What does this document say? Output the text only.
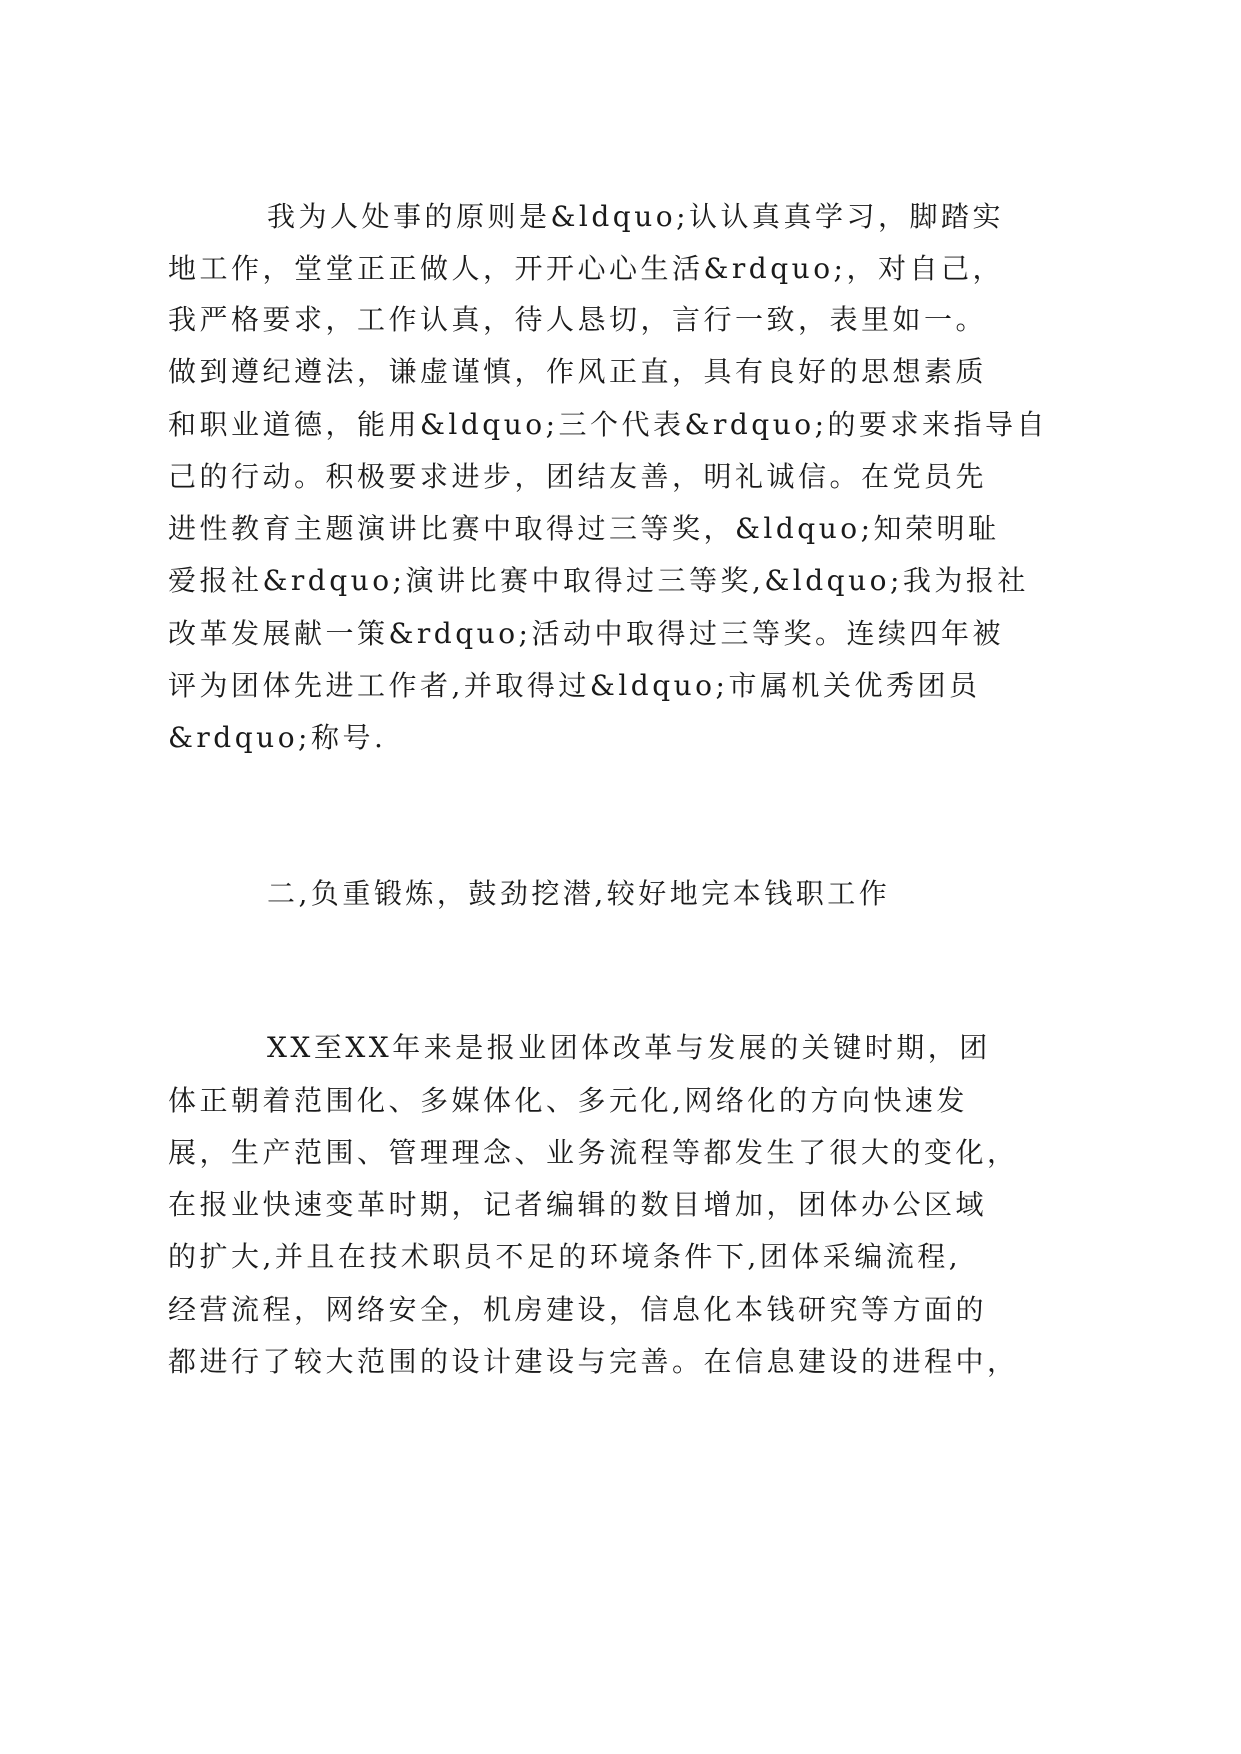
我为人处事的原则是&ldquo;认认真真学习，脚踏实
地工作，堂堂正正做人，开开心心生活&rdquo;，对自己，
我严格要求，工作认真，待人恳切，言行一致，表里如一。
做到遵纪遵法，谦虚谨慎，作风正直，具有良好的思想素质
和职业道德，能用&ldquo;三个代表&rdquo;的要求来指导自
己的行动。积极要求进步，团结友善，明礼诚信。在党员先
进性教育主题演讲比赛中取得过三等奖，&ldquo;知荣明耻
爱报社&rdquo;演讲比赛中取得过三等奖,&ldquo;我为报社
改革发展献一策&rdquo;活动中取得过三等奖。连续四年被
评为团体先进工作者,并取得过&ldquo;市属机关优秀团员
&rdquo;称号.
二,负重锻炼，鼓劲挖潜,较好地完本钱职工作
XX至XX年来是报业团体改革与发展的关键时期，团
体正朝着范围化、多媒体化、多元化,网络化的方向快速发
展，生产范围、管理理念、业务流程等都发生了很大的变化，
在报业快速变革时期，记者编辑的数目增加，团体办公区域
的扩大,并且在技术职员不足的环境条件下,团体采编流程,
经营流程，网络安全，机房建设，信息化本钱研究等方面的
都进行了较大范围的设计建设与完善。在信息建设的进程中，
